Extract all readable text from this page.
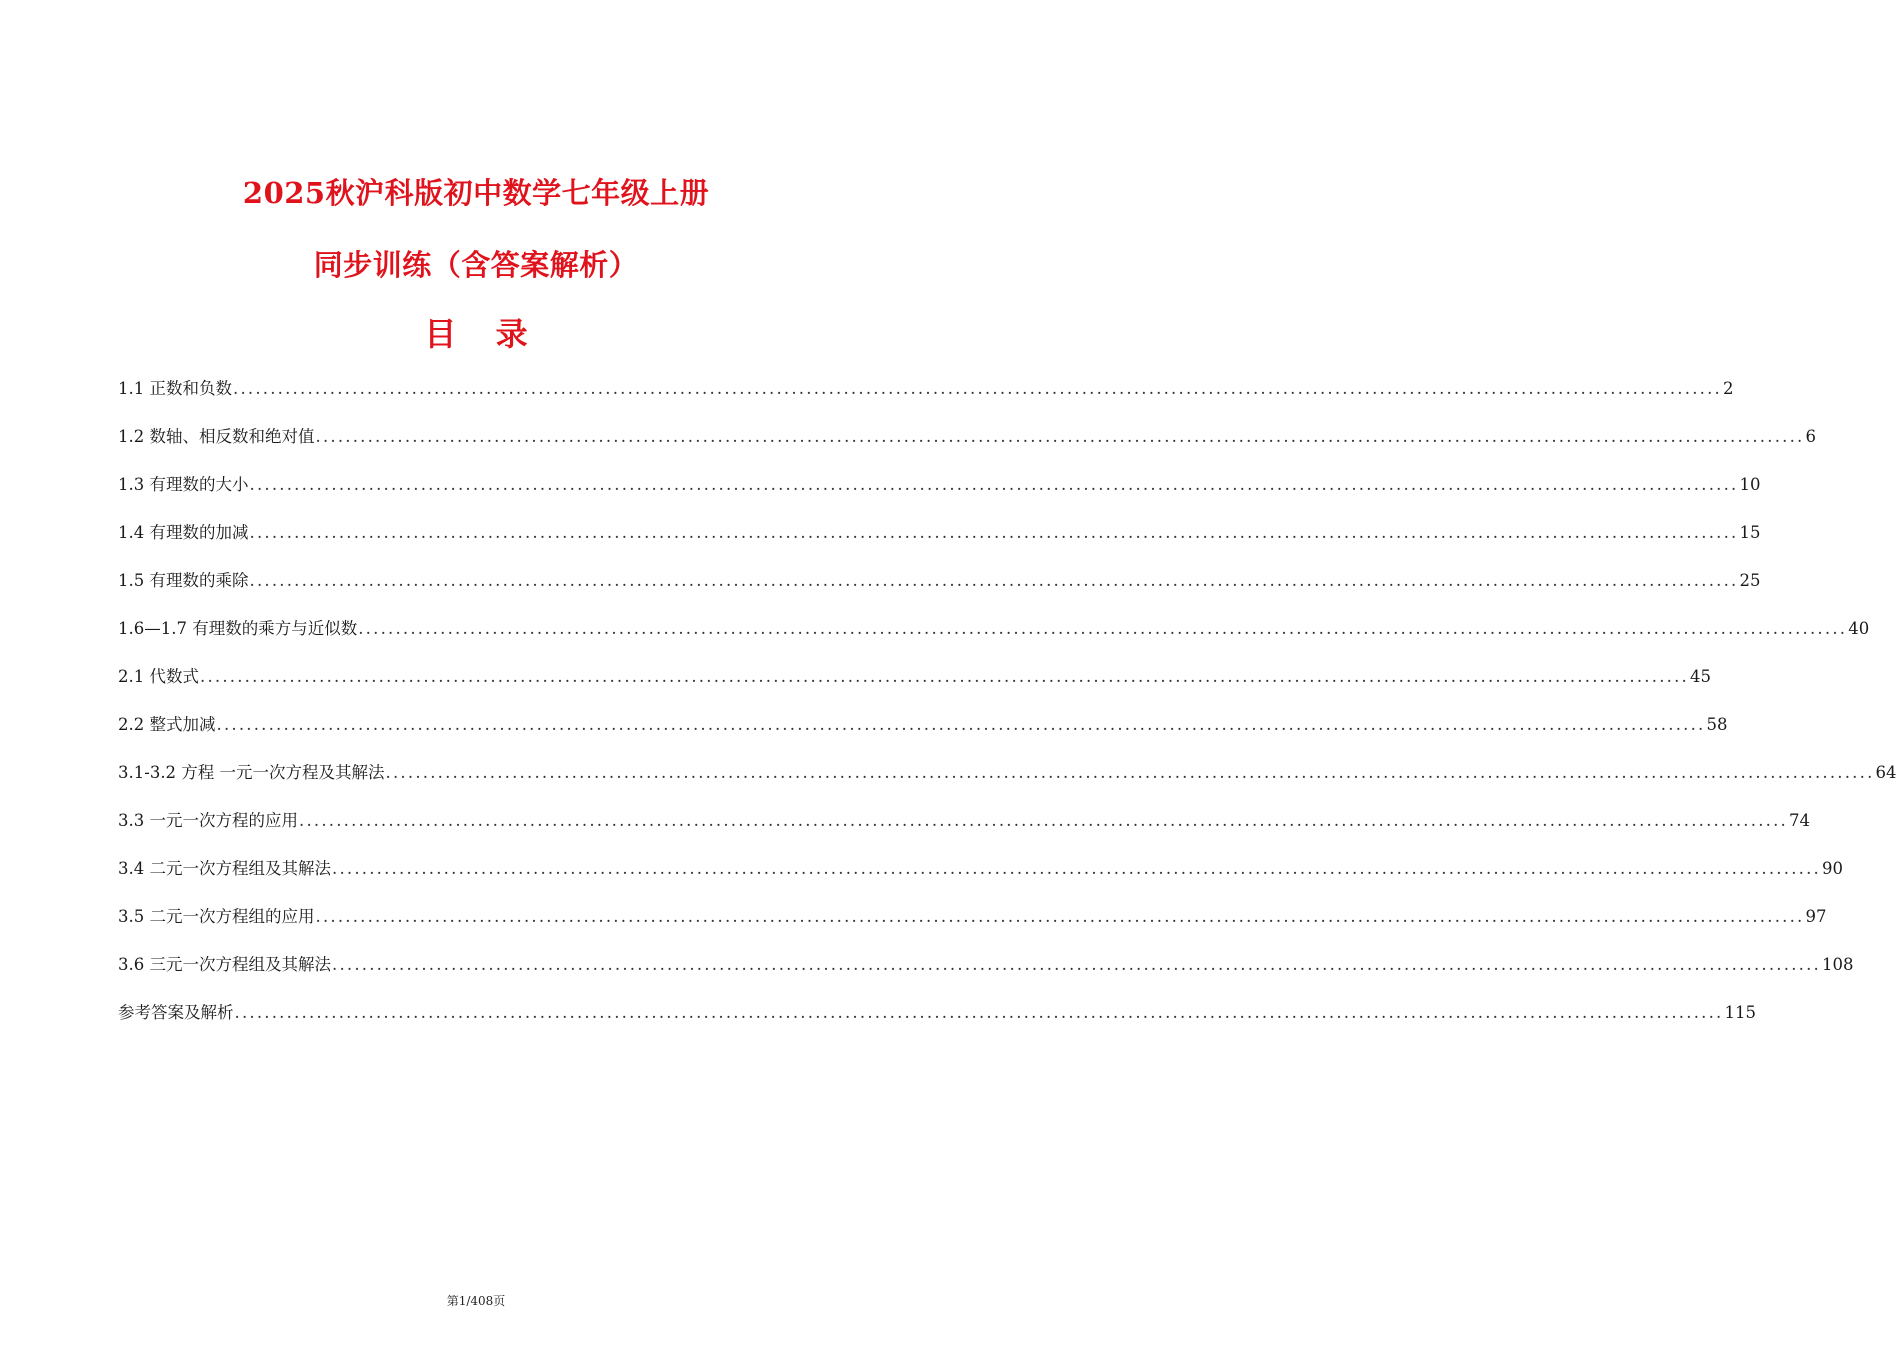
2025秋沪科版初中数学七年级上册
同步训练（含答案解析）
目 录
1.1 正数和负数 ........................................................................................................................................................................................................ 2
1.2 数轴、相反数和绝对值 ........................................................................................................................................................................................................ 6
1.3 有理数的大小 ........................................................................................................................................................................................................ 10
1.4 有理数的加减 ........................................................................................................................................................................................................ 15
1.5 有理数的乘除 ........................................................................................................................................................................................................ 25
1.6—1.7 有理数的乘方与近似数 ........................................................................................................................................................................................................ 40
2.1 代数式 ........................................................................................................................................................................................................ 45
2.2 整式加减 ........................................................................................................................................................................................................ 58
3.1-3.2 方程 一元一次方程及其解法 ........................................................................................................................................................................................................ 64
3.3 一元一次方程的应用 ........................................................................................................................................................................................................ 74
3.4 二元一次方程组及其解法 ........................................................................................................................................................................................................ 90
3.5 二元一次方程组的应用 ........................................................................................................................................................................................................ 97
3.6 三元一次方程组及其解法 ........................................................................................................................................................................................................ 108
参考答案及解析 ........................................................................................................................................................................................................ 115
第1/408页
